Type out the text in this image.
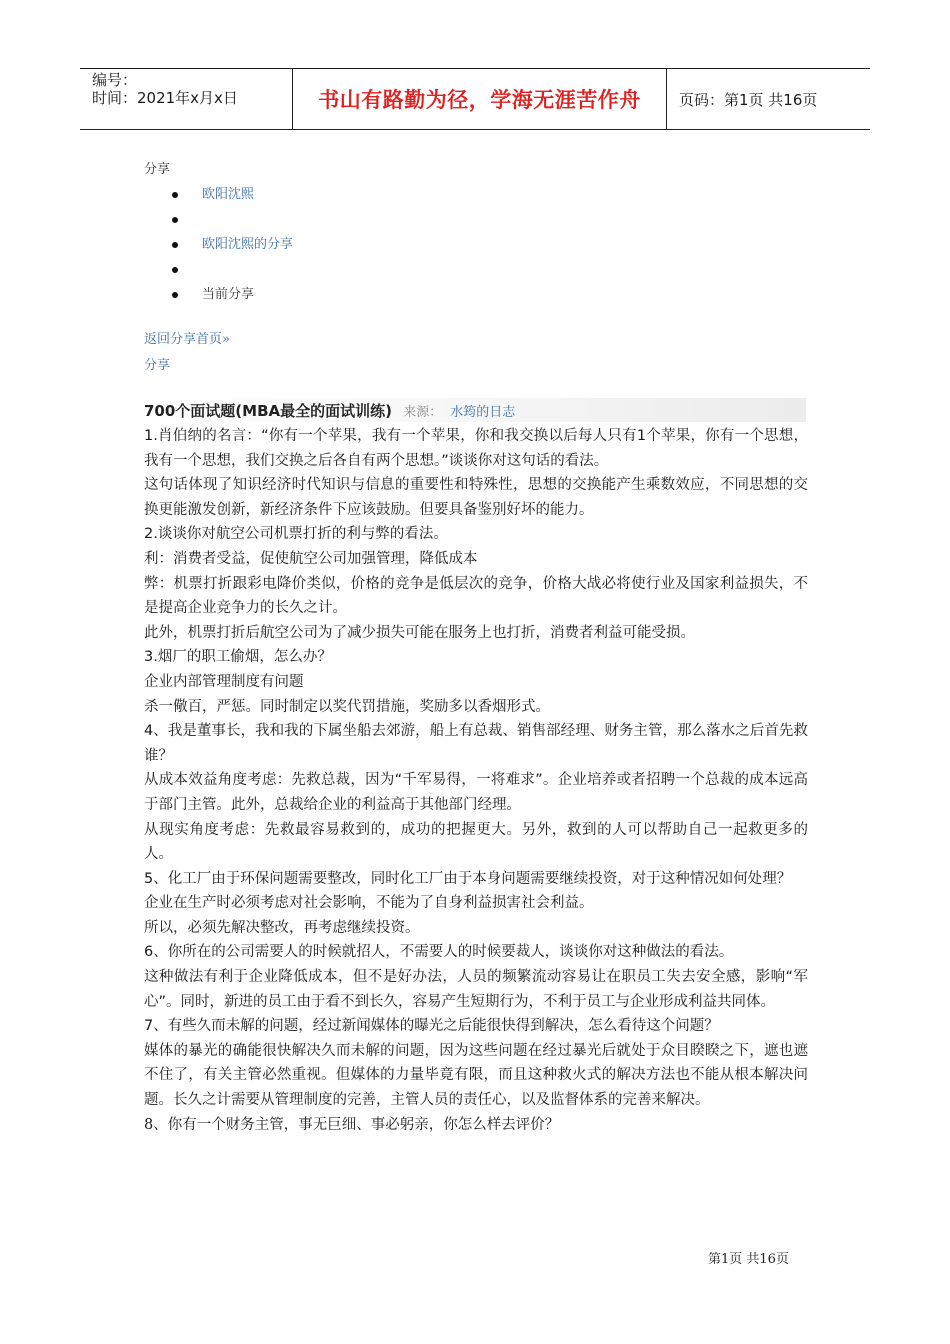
编号：
时间：2021年x月x日	书山有路勤为径，学海无涯苦作舟	页码：第1页 共16页
分享
欧阳沈熙
欧阳沈熙的分享
当前分享
返回分享首页»
分享
700个面试题(MBA最全的面试训练) 来源： 水筠的日志

1.肖伯纳的名言：“你有一个苹果，我有一个苹果，你和我交换以后每人只有1个苹果，你有一个思想，我有一个思想，我们交换之后各自有两个思想。”谈谈你对这句话的看法。

这句话体现了知识经济时代知识与信息的重要性和特殊性，思想的交换能产生乘数效应，不同思想的交换更能激发创新，新经济条件下应该鼓励。但要具备鉴别好坏的能力。

2.谈谈你对航空公司机票打折的利与弊的看法。

利：消费者受益，促使航空公司加强管理，降低成本

弊：机票打折跟彩电降价类似，价格的竞争是低层次的竞争，价格大战必将使行业及国家利益损失，不是提高企业竞争力的长久之计。

此外，机票打折后航空公司为了减少损失可能在服务上也打折，消费者利益可能受损。

3.烟厂的职工偷烟，怎么办？

企业内部管理制度有问题

杀一儆百，严惩。同时制定以奖代罚措施，奖励多以香烟形式。

4、我是董事长，我和我的下属坐船去郊游，船上有总裁、销售部经理、财务主管，那么落水之后首先救谁？

从成本效益角度考虑：先救总裁，因为“千军易得，一将难求”。企业培养或者招聘一个总裁的成本远高于部门主管。此外，总裁给企业的利益高于其他部门经理。

从现实角度考虑：先救最容易救到的，成功的把握更大。另外，救到的人可以帮助自己一起救更多的人。

5、化工厂由于环保问题需要整改，同时化工厂由于本身问题需要继续投资，对于这种情况如何处理？

企业在生产时必须考虑对社会影响，不能为了自身利益损害社会利益。

所以，必须先解决整改，再考虑继续投资。

6、你所在的公司需要人的时候就招人，不需要人的时候要裁人，谈谈你对这种做法的看法。

这种做法有利于企业降低成本，但不是好办法，人员的频繁流动容易让在职员工失去安全感，影响“军心”。同时，新进的员工由于看不到长久，容易产生短期行为，不利于员工与企业形成利益共同体。

7、有些久而未解的问题，经过新闻媒体的曝光之后能很快得到解决，怎么看待这个问题？

媒体的暴光的确能很快解决久而未解的问题，因为这些问题在经过暴光后就处于众目睽睽之下，遮也遮不住了，有关主管必然重视。但媒体的力量毕竟有限，而且这种救火式的解决方法也不能从根本解决问题。长久之计需要从管理制度的完善，主管人员的责任心，以及监督体系的完善来解决。

8、你有一个财务主管，事无巨细、事必躬亲，你怎么样去评价？

第1页 共16页
